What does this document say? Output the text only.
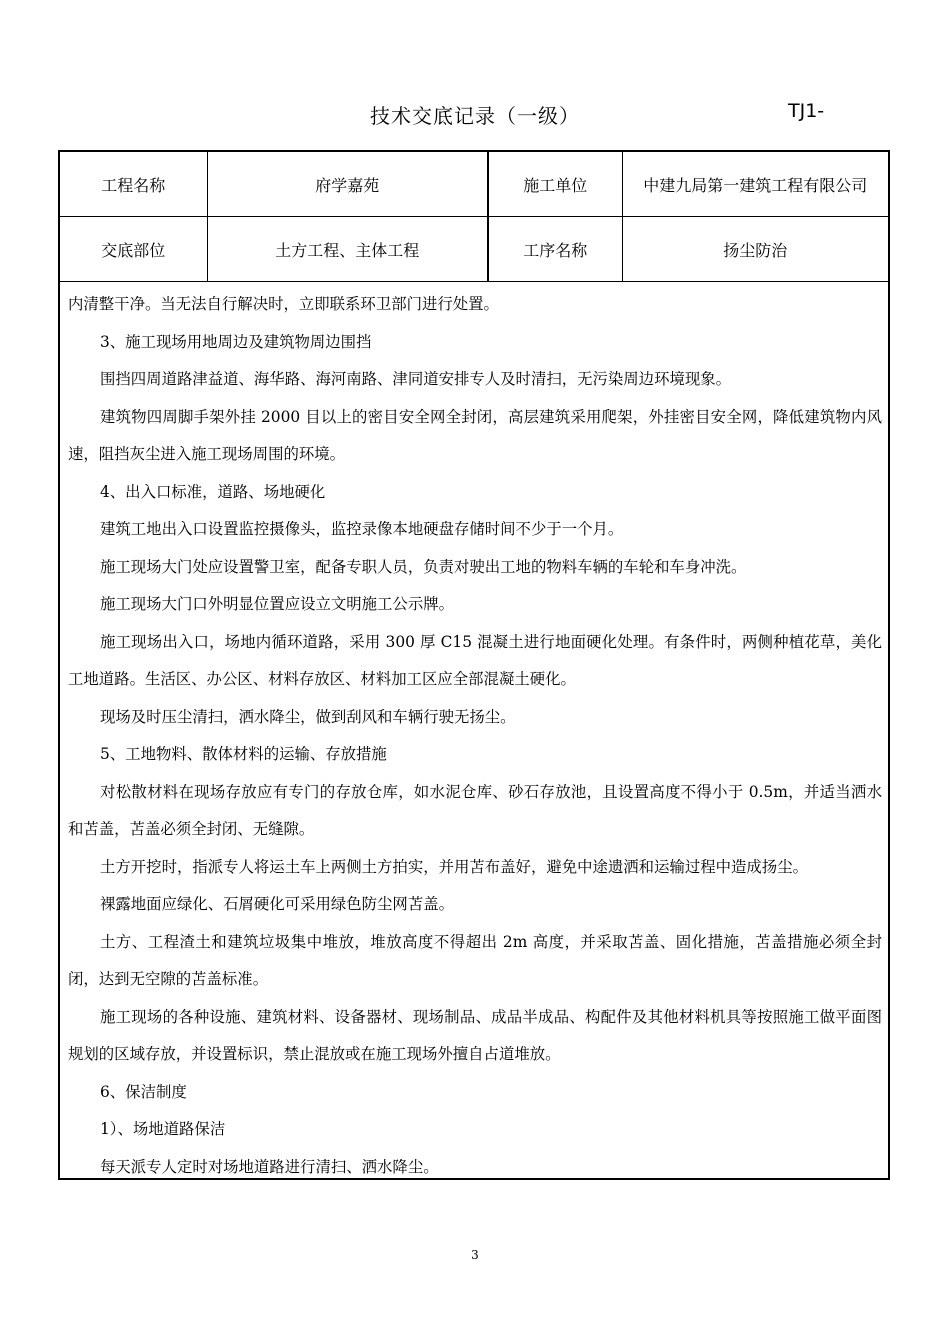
技术交底记录（一级）	TJ1-
工程名称	府学嘉苑	施工单位	中建九局第一建筑工程有限公司
交底部位	土方工程、主体工程	工序名称	扬尘防治

内清整干净。当无法自行解决时，立即联系环卫部门进行处置。

3、施工现场用地周边及建筑物周边围挡

围挡四周道路津益道、海华路、海河南路、津同道安排专人及时清扫，无污染周边环境现象。

建筑物四周脚手架外挂 2000 目以上的密目安全网全封闭，高层建筑采用爬架，外挂密目安全网，降低建筑物内风速，阻挡灰尘进入施工现场周围的环境。

4、出入口标准，道路、场地硬化

建筑工地出入口设置监控摄像头，监控录像本地硬盘存储时间不少于一个月。

施工现场大门处应设置警卫室，配备专职人员，负责对驶出工地的物料车辆的车轮和车身冲洗。

施工现场大门口外明显位置应设立文明施工公示牌。

施工现场出入口，场地内循环道路，采用 300 厚 C15 混凝土进行地面硬化处理。有条件时，两侧种植花草，美化工地道路。生活区、办公区、材料存放区、材料加工区应全部混凝土硬化。

现场及时压尘清扫，洒水降尘，做到刮风和车辆行驶无扬尘。

5、工地物料、散体材料的运输、存放措施

对松散材料在现场存放应有专门的存放仓库，如水泥仓库、砂石存放池，且设置高度不得小于 0.5m，并适当洒水和苫盖，苫盖必须全封闭、无缝隙。

土方开挖时，指派专人将运土车上两侧土方拍实，并用苫布盖好，避免中途遗洒和运输过程中造成扬尘。

裸露地面应绿化、石屑硬化可采用绿色防尘网苫盖。

土方、工程渣土和建筑垃圾集中堆放，堆放高度不得超出 2m 高度，并采取苫盖、固化措施，苫盖措施必须全封闭，达到无空隙的苫盖标准。

施工现场的各种设施、建筑材料、设备器材、现场制品、成品半成品、构配件及其他材料机具等按照施工做平面图规划的区域存放，并设置标识，禁止混放或在施工现场外擅自占道堆放。

6、保洁制度

1）、场地道路保洁

每天派专人定时对场地道路进行清扫、洒水降尘。

3
